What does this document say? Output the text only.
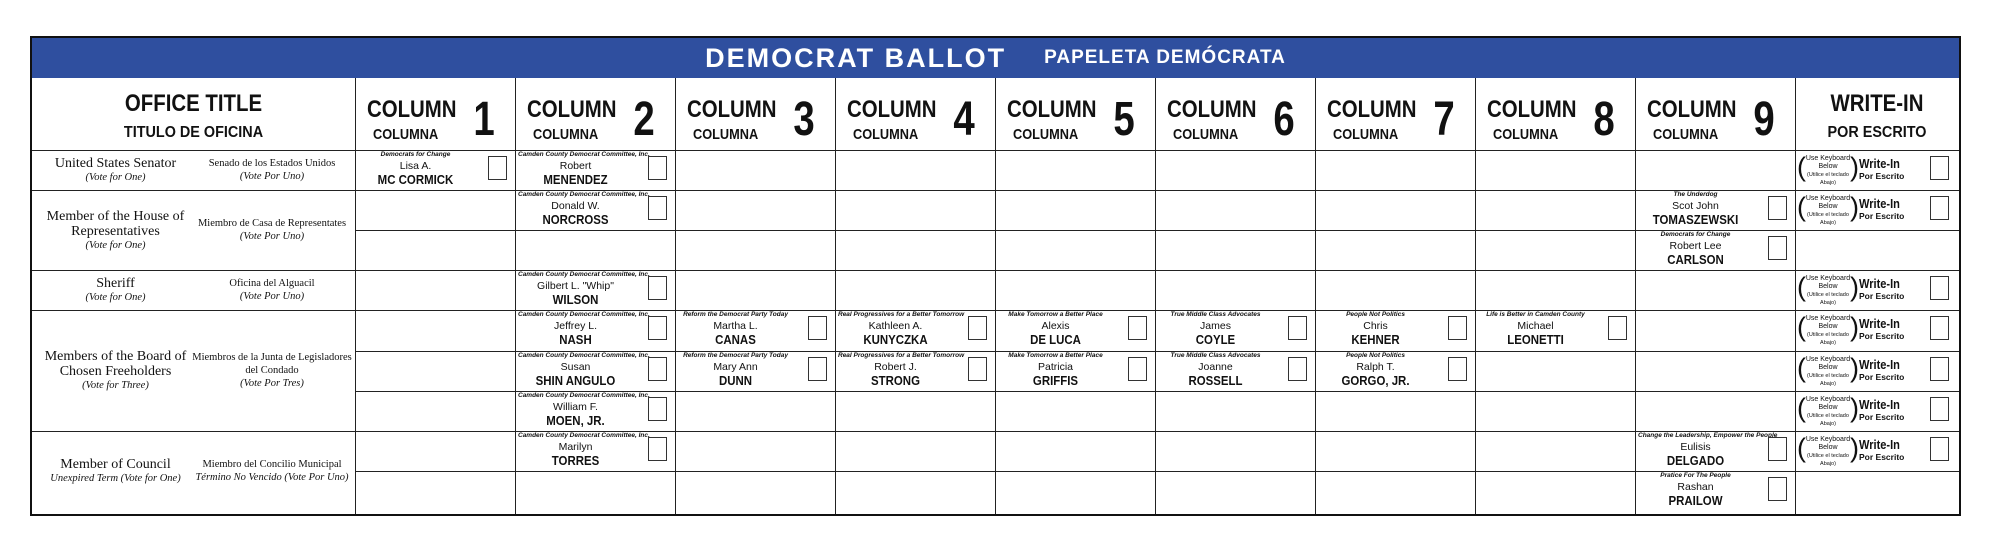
DEMOCRAT BALLOT PAPELETA DEMÓCRATA
OFFICE TITLE
TITULO DE OFICINA
COLUMN
COLUMNA 1 COLUMN
COLUMNA 2 COLUMN
COLUMNA 3 COLUMN
COLUMNA 4 COLUMN
COLUMNA 5 COLUMN
COLUMNA 6 COLUMN
COLUMNA 7 COLUMN
COLUMNA 8 COLUMN
COLUMNA 9	WRITE-IN
POR ESCRITO
United States Senator
(Vote for One)
Senado de los Estados Unidos
(Vote Por Uno)
Member of the House of Representatives
(Vote for One)
Miembro de Casa de Representates
(Vote Por Uno)
Sheriff
(Vote for One)
Oficina del Alguacil
(Vote Por Uno)
Members of the Board of Chosen Freeholders
(Vote for Three)
Miembros de la Junta de Legisladores del Condado
(Vote Por Tres)
Member of Council
Unexpired Term (Vote for One)
Miembro del Concilio Municipal
Término No Vencido (Vote Por Uno)
Democrats for Change
Lisa A.
MC CORMICK
Camden County Democrat Committee, Inc.
Robert
MENENDEZ
Camden County Democrat Committee, Inc.
Donald W.
NORCROSS
The Underdog
Scot John
TOMASZEWSKI
Democrats for Change
Robert Lee
CARLSON
Camden County Democrat Committee, Inc.
Gilbert L. "Whip"
WILSON
Camden County Democrat Committee, Inc.
Jeffrey L.
NASH
Reform the Democrat Party Today
Martha L.
CANAS
Real Progressives for a Better Tomorrow
Kathleen A.
KUNYCZKA
Make Tomorrow a Better Place
Alexis
DE LUCA
True Middle Class Advocates
James
COYLE
People Not Politics
Chris
KEHNER
Life is Better in Camden County
Michael
LEONETTI
Camden County Democrat Committee, Inc.
Susan
SHIN ANGULO
Reform the Democrat Party Today
Mary Ann
DUNN
Real Progressives for a Better Tomorrow
Robert J.
STRONG
Make Tomorrow a Better Place
Patricia
GRIFFIS
True Middle Class Advocates
Joanne
ROSSELL
People Not Politics
Ralph T.
GORGO, JR.
Camden County Democrat Committee, Inc.
William F.
MOEN, JR.
Camden County Democrat Committee, Inc.
Marilyn
TORRES
Change the Leadership, Empower the People
Eulisis
DELGADO
Pratice For The People
Rashan
PRAILOW
( Use Keyboard Below
(Utilice el teclado Abajo)
) Write-In
Por Escrito
( Use Keyboard Below
(Utilice el teclado Abajo)
) Write-In
Por Escrito
( Use Keyboard Below
(Utilice el teclado Abajo)
) Write-In
Por Escrito
( Use Keyboard Below
(Utilice el teclado Abajo)
) Write-In
Por Escrito
( Use Keyboard Below
(Utilice el teclado Abajo)
) Write-In
Por Escrito
( Use Keyboard Below
(Utilice el teclado Abajo)
) Write-In
Por Escrito
( Use Keyboard Below
(Utilice el teclado Abajo)
) Write-In
Por Escrito
